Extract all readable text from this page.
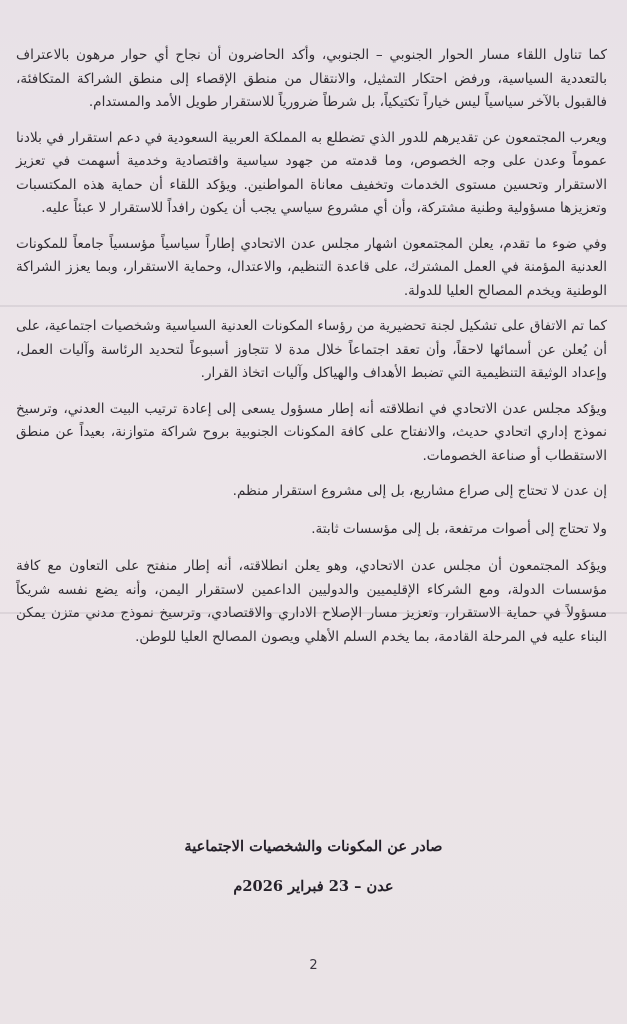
كما تناول اللقاء مسار الحوار الجنوبي – الجنوبي، وأكد الحاضرون أن نجاح أي حوار مرهون بالاعتراف بالتعددية السياسية، ورفض احتكار التمثيل، والانتقال من منطق الإقصاء إلى منطق الشراكة المتكافئة، فالقبول بالآخر سياسياً ليس خياراً تكتيكياً، بل شرطاً ضرورياً للاستقرار طويل الأمد والمستدام.

ويعرب المجتمعون عن تقديرهم للدور الذي تضطلع به المملكة العربية السعودية في دعم استقرار في بلادنا عموماً وعدن على وجه الخصوص، وما قدمته من جهود سياسية واقتصادية وخدمية أسهمت في تعزيز الاستقرار وتحسين مستوى الخدمات وتخفيف معاناة المواطنين. ويؤكد اللقاء أن حماية هذه المكتسبات وتعزيزها مسؤولية وطنية مشتركة، وأن أي مشروع سياسي يجب أن يكون رافداً للاستقرار لا عبئاً عليه.

وفي ضوء ما تقدم، يعلن المجتمعون اشهار مجلس عدن الاتحادي إطاراً سياسياً مؤسسياً جامعاً للمكونات العدنية المؤمنة في العمل المشترك، على قاعدة التنظيم، والاعتدال، وحماية الاستقرار، وبما يعزز الشراكة الوطنية ويخدم المصالح العليا للدولة.

كما تم الاتفاق على تشكيل لجنة تحضيرية من رؤساء المكونات العدنية السياسية وشخصيات اجتماعية، على أن يُعلن عن أسمائها لاحقاً، وأن تعقد اجتماعاً خلال مدة لا تتجاوز أسبوعاً لتحديد الرئاسة وآليات العمل، وإعداد الوثيقة التنظيمية التي تضبط الأهداف والهياكل وآليات اتخاذ القرار.

ويؤكد مجلس عدن الاتحادي في انطلاقته أنه إطار مسؤول يسعى إلى إعادة ترتيب البيت العدني، وترسيخ نموذج إداري اتحادي حديث، والانفتاح على كافة المكونات الجنوبية بروح شراكة متوازنة، بعيداً عن منطق الاستقطاب أو صناعة الخصومات.

إن عدن لا تحتاج إلى صراع مشاريع، بل إلى مشروع استقرار منظم.

ولا تحتاج إلى أصوات مرتفعة، بل إلى مؤسسات ثابتة.

ويؤكد المجتمعون أن مجلس عدن الاتحادي، وهو يعلن انطلاقته، أنه إطار منفتح على التعاون مع كافة مؤسسات الدولة، ومع الشركاء الإقليميين والدوليين الداعمين لاستقرار اليمن، وأنه يضع نفسه شريكاً مسؤولاً في حماية الاستقرار، وتعزيز مسار الإصلاح الاداري والاقتصادي، وترسيخ نموذج مدني متزن يمكن البناء عليه في المرحلة القادمة، بما يخدم السلم الأهلي ويصون المصالح العليا للوطن.

صادر عن المكونات والشخصيات الاجتماعية
عدن – 23 فبراير 2026م
2
